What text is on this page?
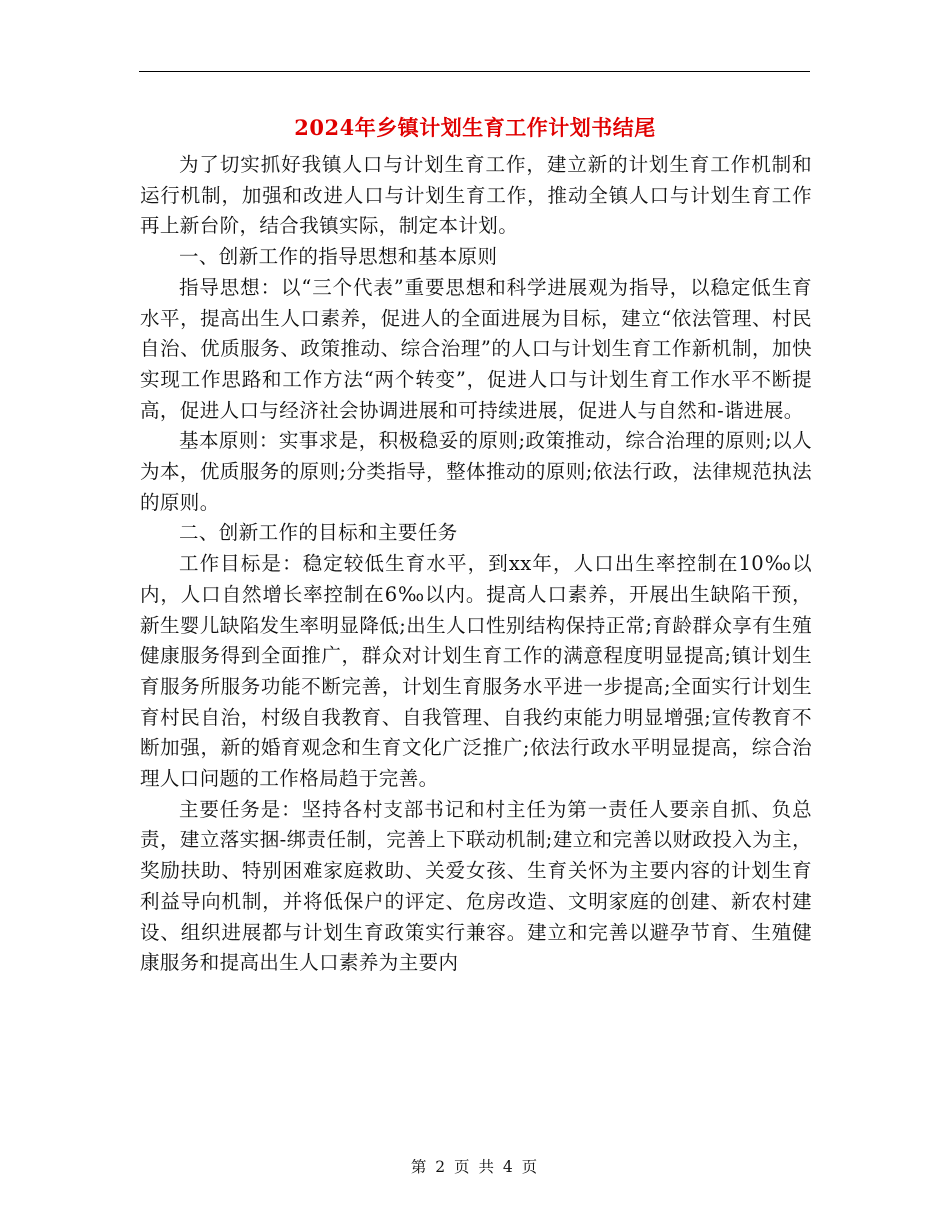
2024年乡镇计划生育工作计划书结尾

为了切实抓好我镇人口与计划生育工作，建立新的计划生育工作机制和运行机制，加强和改进人口与计划生育工作，推动全镇人口与计划生育工作再上新台阶，结合我镇实际，制定本计划。

一、创新工作的指导思想和基本原则

指导思想：以“三个代表”重要思想和科学进展观为指导，以稳定低生育水平，提高出生人口素养，促进人的全面进展为目标，建立“依法管理、村民自治、优质服务、政策推动、综合治理”的人口与计划生育工作新机制，加快实现工作思路和工作方法“两个转变”，促进人口与计划生育工作水平不断提高，促进人口与经济社会协调进展和可持续进展，促进人与自然和-谐进展。

基本原则：实事求是，积极稳妥的原则;政策推动，综合治理的原则;以人为本，优质服务的原则;分类指导，整体推动的原则;依法行政，法律规范执法的原则。

二、创新工作的目标和主要任务

工作目标是：稳定较低生育水平，到xx年，人口出生率控制在10‰以内，人口自然增长率控制在6‰以内。提高人口素养，开展出生缺陷干预，新生婴儿缺陷发生率明显降低;出生人口性别结构保持正常;育龄群众享有生殖健康服务得到全面推广，群众对计划生育工作的满意程度明显提高;镇计划生育服务所服务功能不断完善，计划生育服务水平进一步提高;全面实行计划生育村民自治，村级自我教育、自我管理、自我约束能力明显增强;宣传教育不断加强，新的婚育观念和生育文化广泛推广;依法行政水平明显提高，综合治理人口问题的工作格局趋于完善。

主要任务是：坚持各村支部书记和村主任为第一责任人要亲自抓、负总责，建立落实捆-绑责任制，完善上下联动机制;建立和完善以财政投入为主，奖励扶助、特别困难家庭救助、关爱女孩、生育关怀为主要内容的计划生育利益导向机制，并将低保户的评定、危房改造、文明家庭的创建、新农村建设、组织进展都与计划生育政策实行兼容。建立和完善以避孕节育、生殖健康服务和提高出生人口素养为主要内

第 2 页 共 4 页
